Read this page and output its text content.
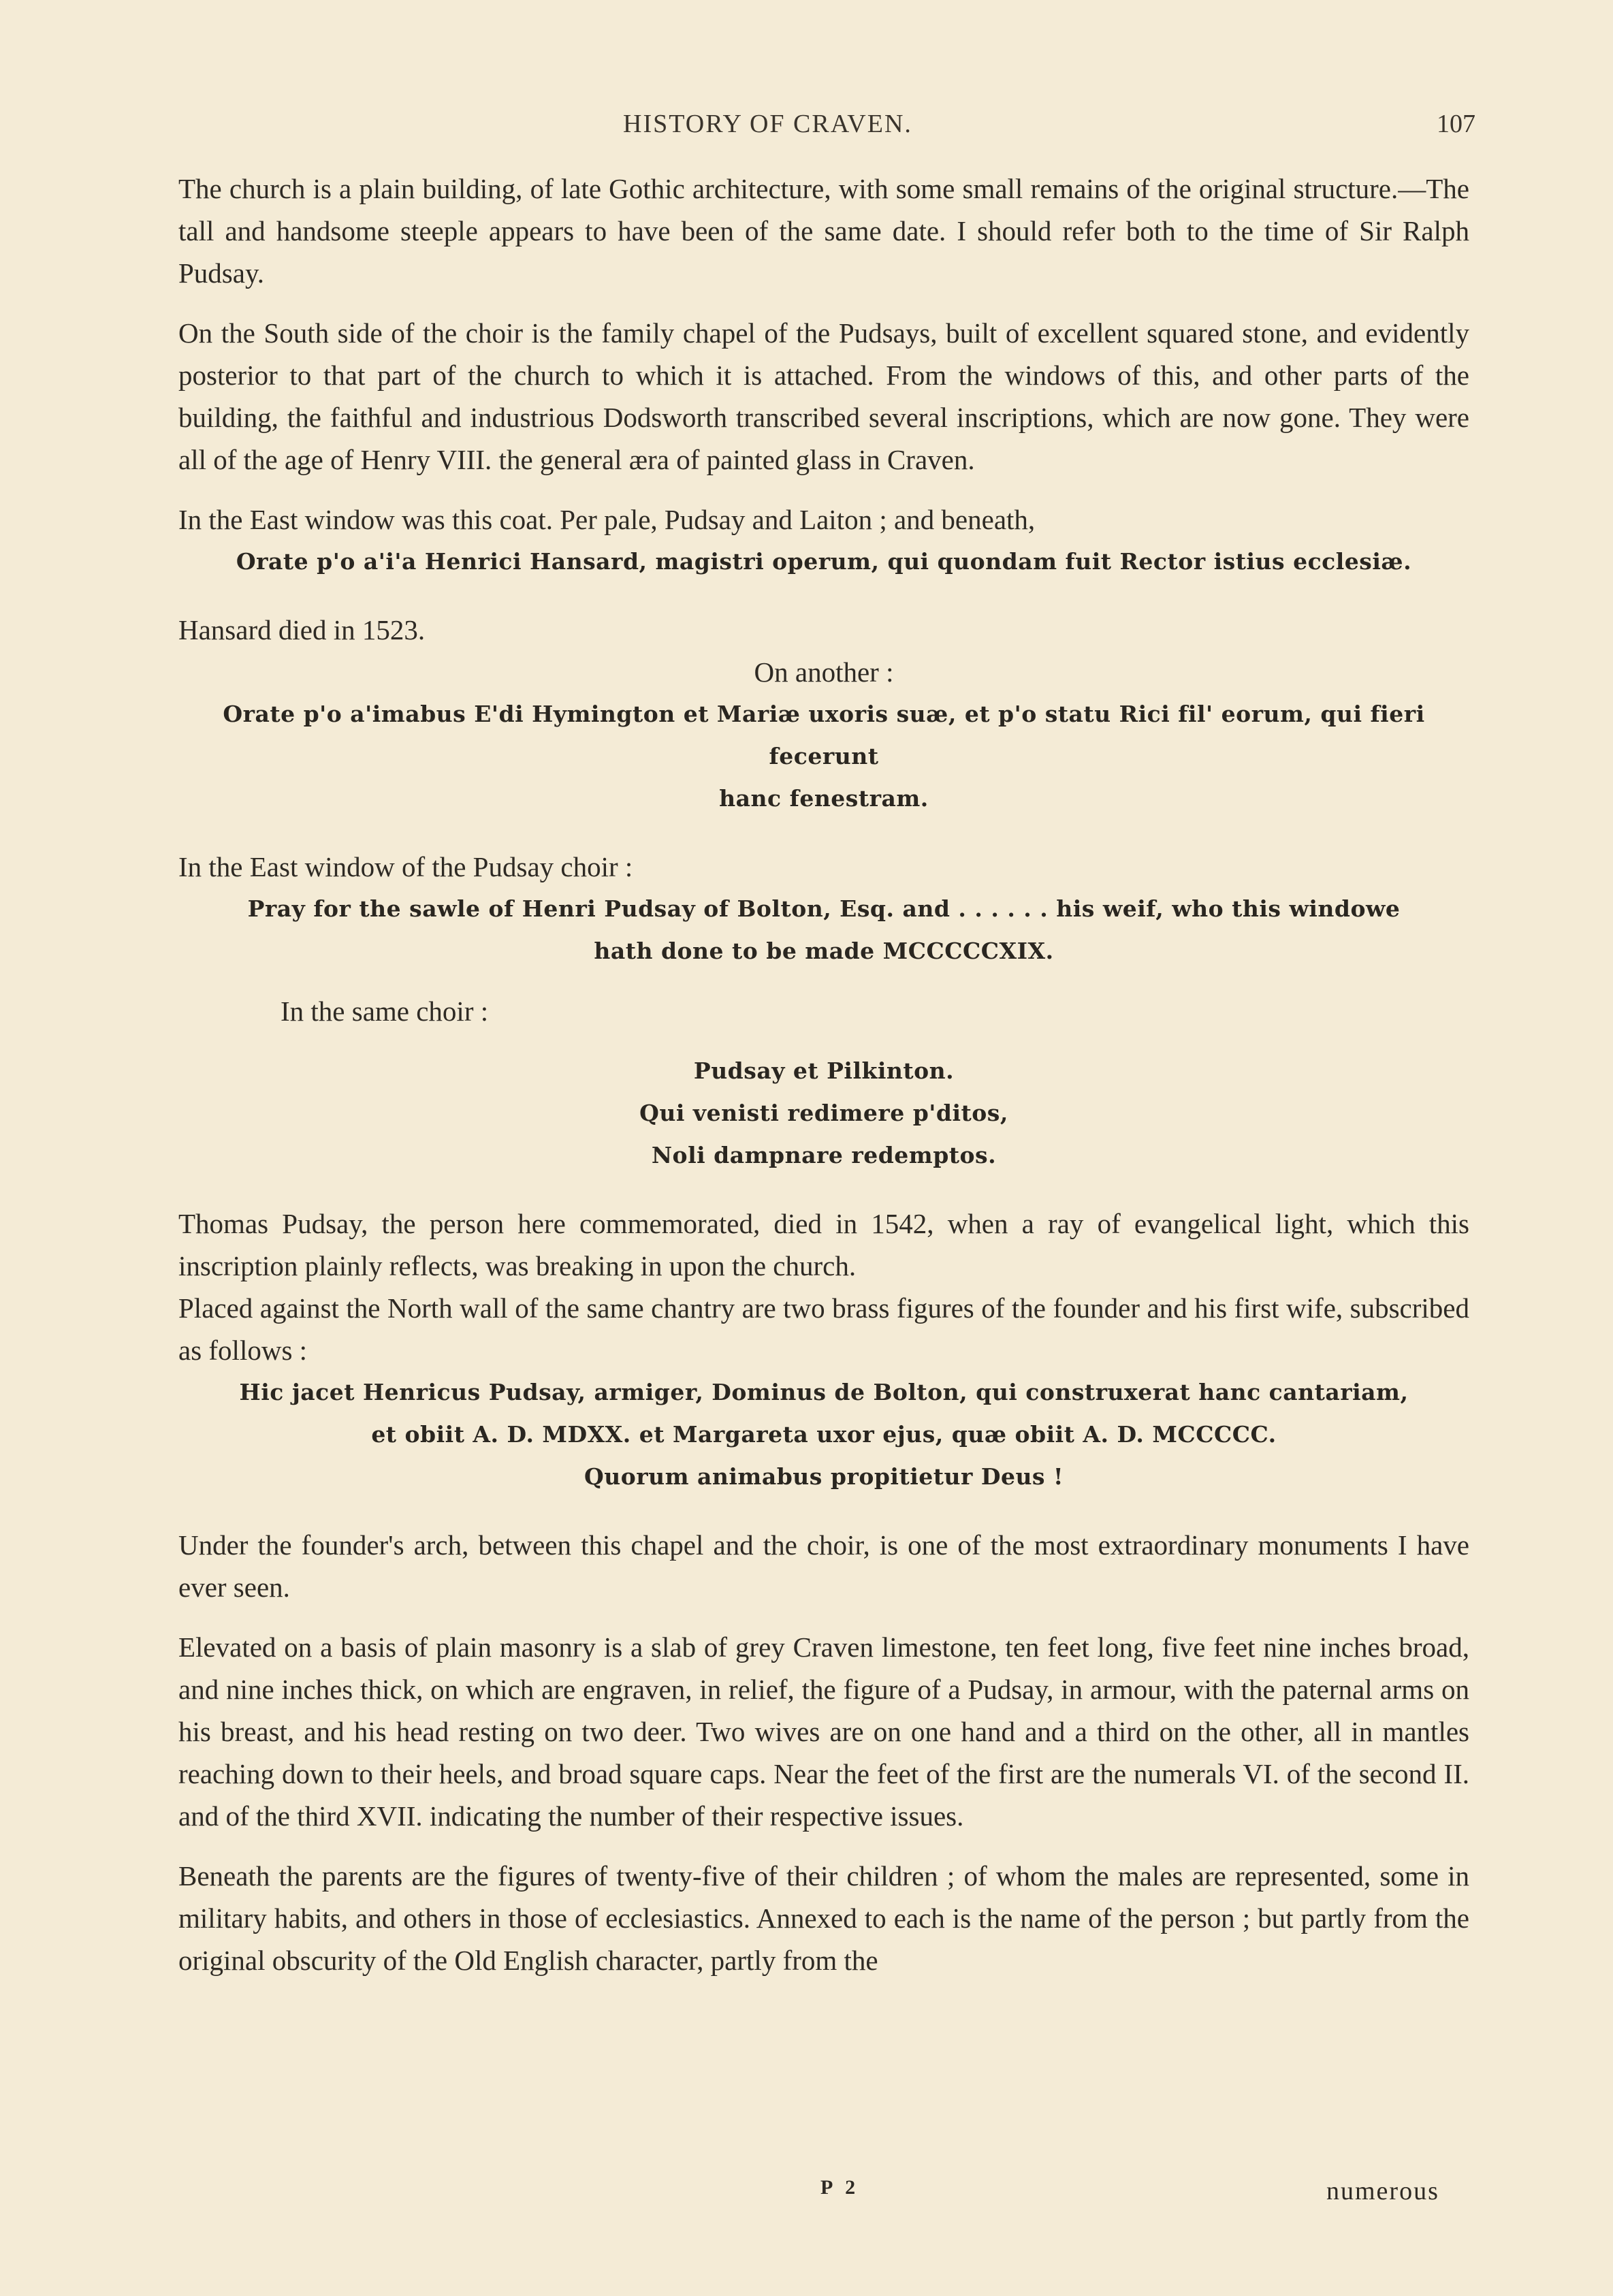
HISTORY OF CRAVEN.	107

The church is a plain building, of late Gothic architecture, with some small remains of the original structure.—The tall and handsome steeple appears to have been of the same date. I should refer both to the time of Sir Ralph Pudsay.

On the South side of the choir is the family chapel of the Pudsays, built of excellent squared stone, and evidently posterior to that part of the church to which it is attached. From the windows of this, and other parts of the building, the faithful and industrious Dodsworth transcribed several inscriptions, which are now gone. They were all of the age of Henry VIII. the general æra of painted glass in Craven.

In the East window was this coat. Per pale, Pudsay and Laiton ; and beneath,

Orate p'o a'i'a Henrici Hansard, magistri operum, qui quondam fuit Rector istius ecclesiæ.

Hansard died in 1523.

On another :

Orate p'o a'imabus E'di Hymington et Mariæ uxoris suæ, et p'o statu Rici fil' eorum, qui fieri fecerunt

hanc fenestram.

In the East window of the Pudsay choir :

Pray for the sawle of Henri Pudsay of Bolton, Esq. and . . . . . . his weif, who this windowe

hath done to be made MCCCCCXIX.

In the same choir :

Pudsay et Pilkinton.

Qui venisti redimere p'ditos,

Noli dampnare redemptos.

Thomas Pudsay, the person here commemorated, died in 1542, when a ray of evangelical light, which this inscription plainly reflects, was breaking in upon the church.

Placed against the North wall of the same chantry are two brass figures of the founder and his first wife, subscribed as follows :

Hic jacet Henricus Pudsay, armiger, Dominus de Bolton, qui construxerat hanc cantariam,

et obiit A. D. MDXX. et Margareta uxor ejus, quæ obiit A. D. MCCCCC.

Quorum animabus propitietur Deus !

Under the founder's arch, between this chapel and the choir, is one of the most extraordinary monuments I have ever seen.

Elevated on a basis of plain masonry is a slab of grey Craven limestone, ten feet long, five feet nine inches broad, and nine inches thick, on which are engraven, in relief, the figure of a Pudsay, in armour, with the paternal arms on his breast, and his head resting on two deer. Two wives are on one hand and a third on the other, all in mantles reaching down to their heels, and broad square caps. Near the feet of the first are the numerals VI. of the second II. and of the third XVII. indicating the number of their respective issues.

Beneath the parents are the figures of twenty-five of their children ; of whom the males are represented, some in military habits, and others in those of ecclesiastics. Annexed to each is the name of the person ; but partly from the original obscurity of the Old English character, partly from the

P 2	numerous
